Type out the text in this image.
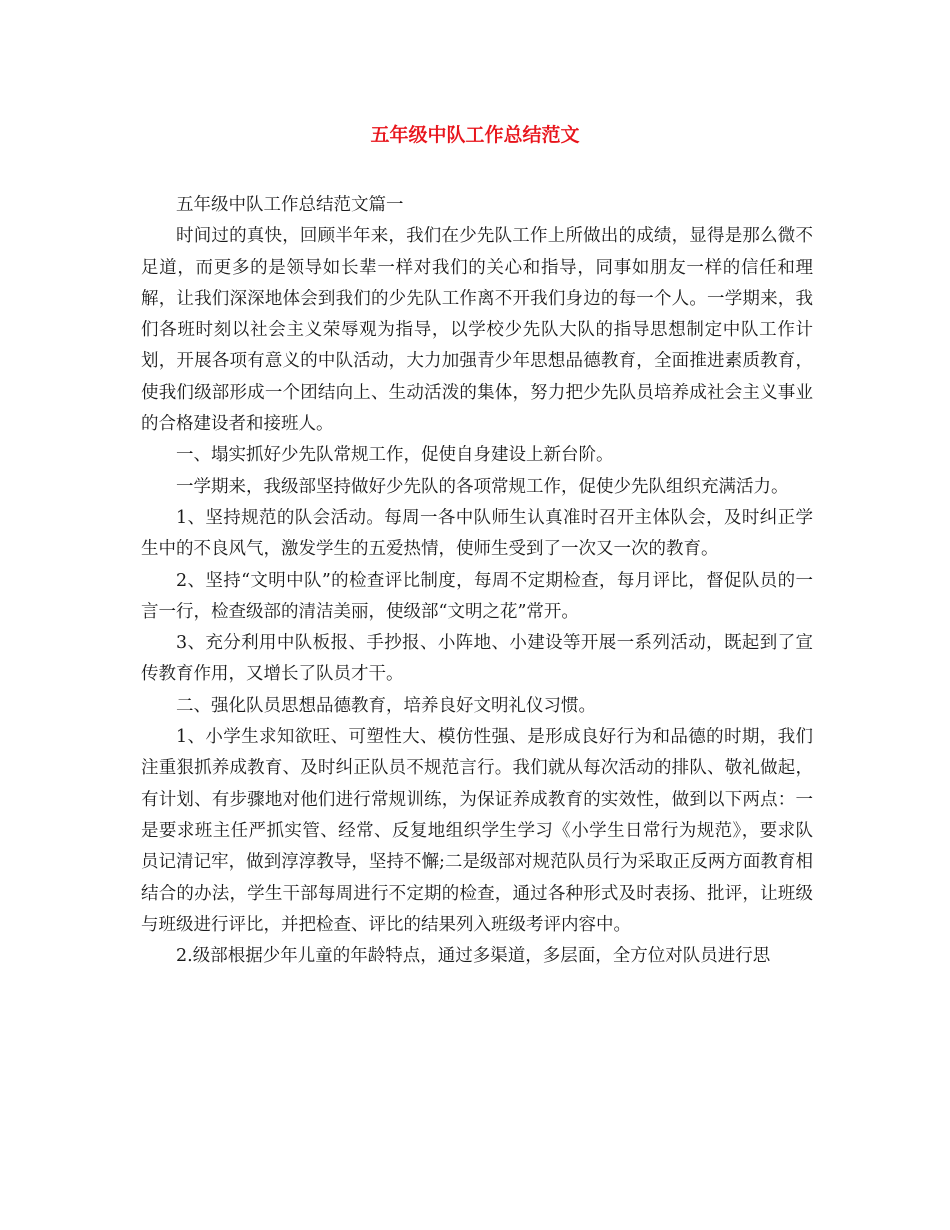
五年级中队工作总结范文

五年级中队工作总结范文篇一

时间过的真快，回顾半年来，我们在少先队工作上所做出的成绩，显得是那么微不足道，而更多的是领导如长辈一样对我们的关心和指导，同事如朋友一样的信任和理解，让我们深深地体会到我们的少先队工作离不开我们身边的每一个人。一学期来，我们各班时刻以社会主义荣辱观为指导，以学校少先队大队的指导思想制定中队工作计划，开展各项有意义的中队活动，大力加强青少年思想品德教育，全面推进素质教育，使我们级部形成一个团结向上、生动活泼的集体，努力把少先队员培养成社会主义事业的合格建设者和接班人。

一、塌实抓好少先队常规工作，促使自身建设上新台阶。

一学期来，我级部坚持做好少先队的各项常规工作，促使少先队组织充满活力。

1、坚持规范的队会活动。每周一各中队师生认真准时召开主体队会，及时纠正学生中的不良风气，激发学生的五爱热情，使师生受到了一次又一次的教育。

2、坚持“文明中队”的检查评比制度，每周不定期检查，每月评比，督促队员的一言一行，检查级部的清洁美丽，使级部“文明之花”常开。

3、充分利用中队板报、手抄报、小阵地、小建设等开展一系列活动，既起到了宣传教育作用，又增长了队员才干。

二、强化队员思想品德教育，培养良好文明礼仪习惯。

1、小学生求知欲旺、可塑性大、模仿性强、是形成良好行为和品德的时期，我们注重狠抓养成教育、及时纠正队员不规范言行。我们就从每次活动的排队、敬礼做起，有计划、有步骤地对他们进行常规训练，为保证养成教育的实效性，做到以下两点：一是要求班主任严抓实管、经常、反复地组织学生学习《小学生日常行为规范》，要求队员记清记牢，做到淳淳教导，坚持不懈;二是级部对规范队员行为采取正反两方面教育相结合的办法，学生干部每周进行不定期的检查，通过各种形式及时表扬、批评，让班级与班级进行评比，并把检查、评比的结果列入班级考评内容中。

2.级部根据少年儿童的年龄特点，通过多渠道，多层面，全方位对队员进行思
